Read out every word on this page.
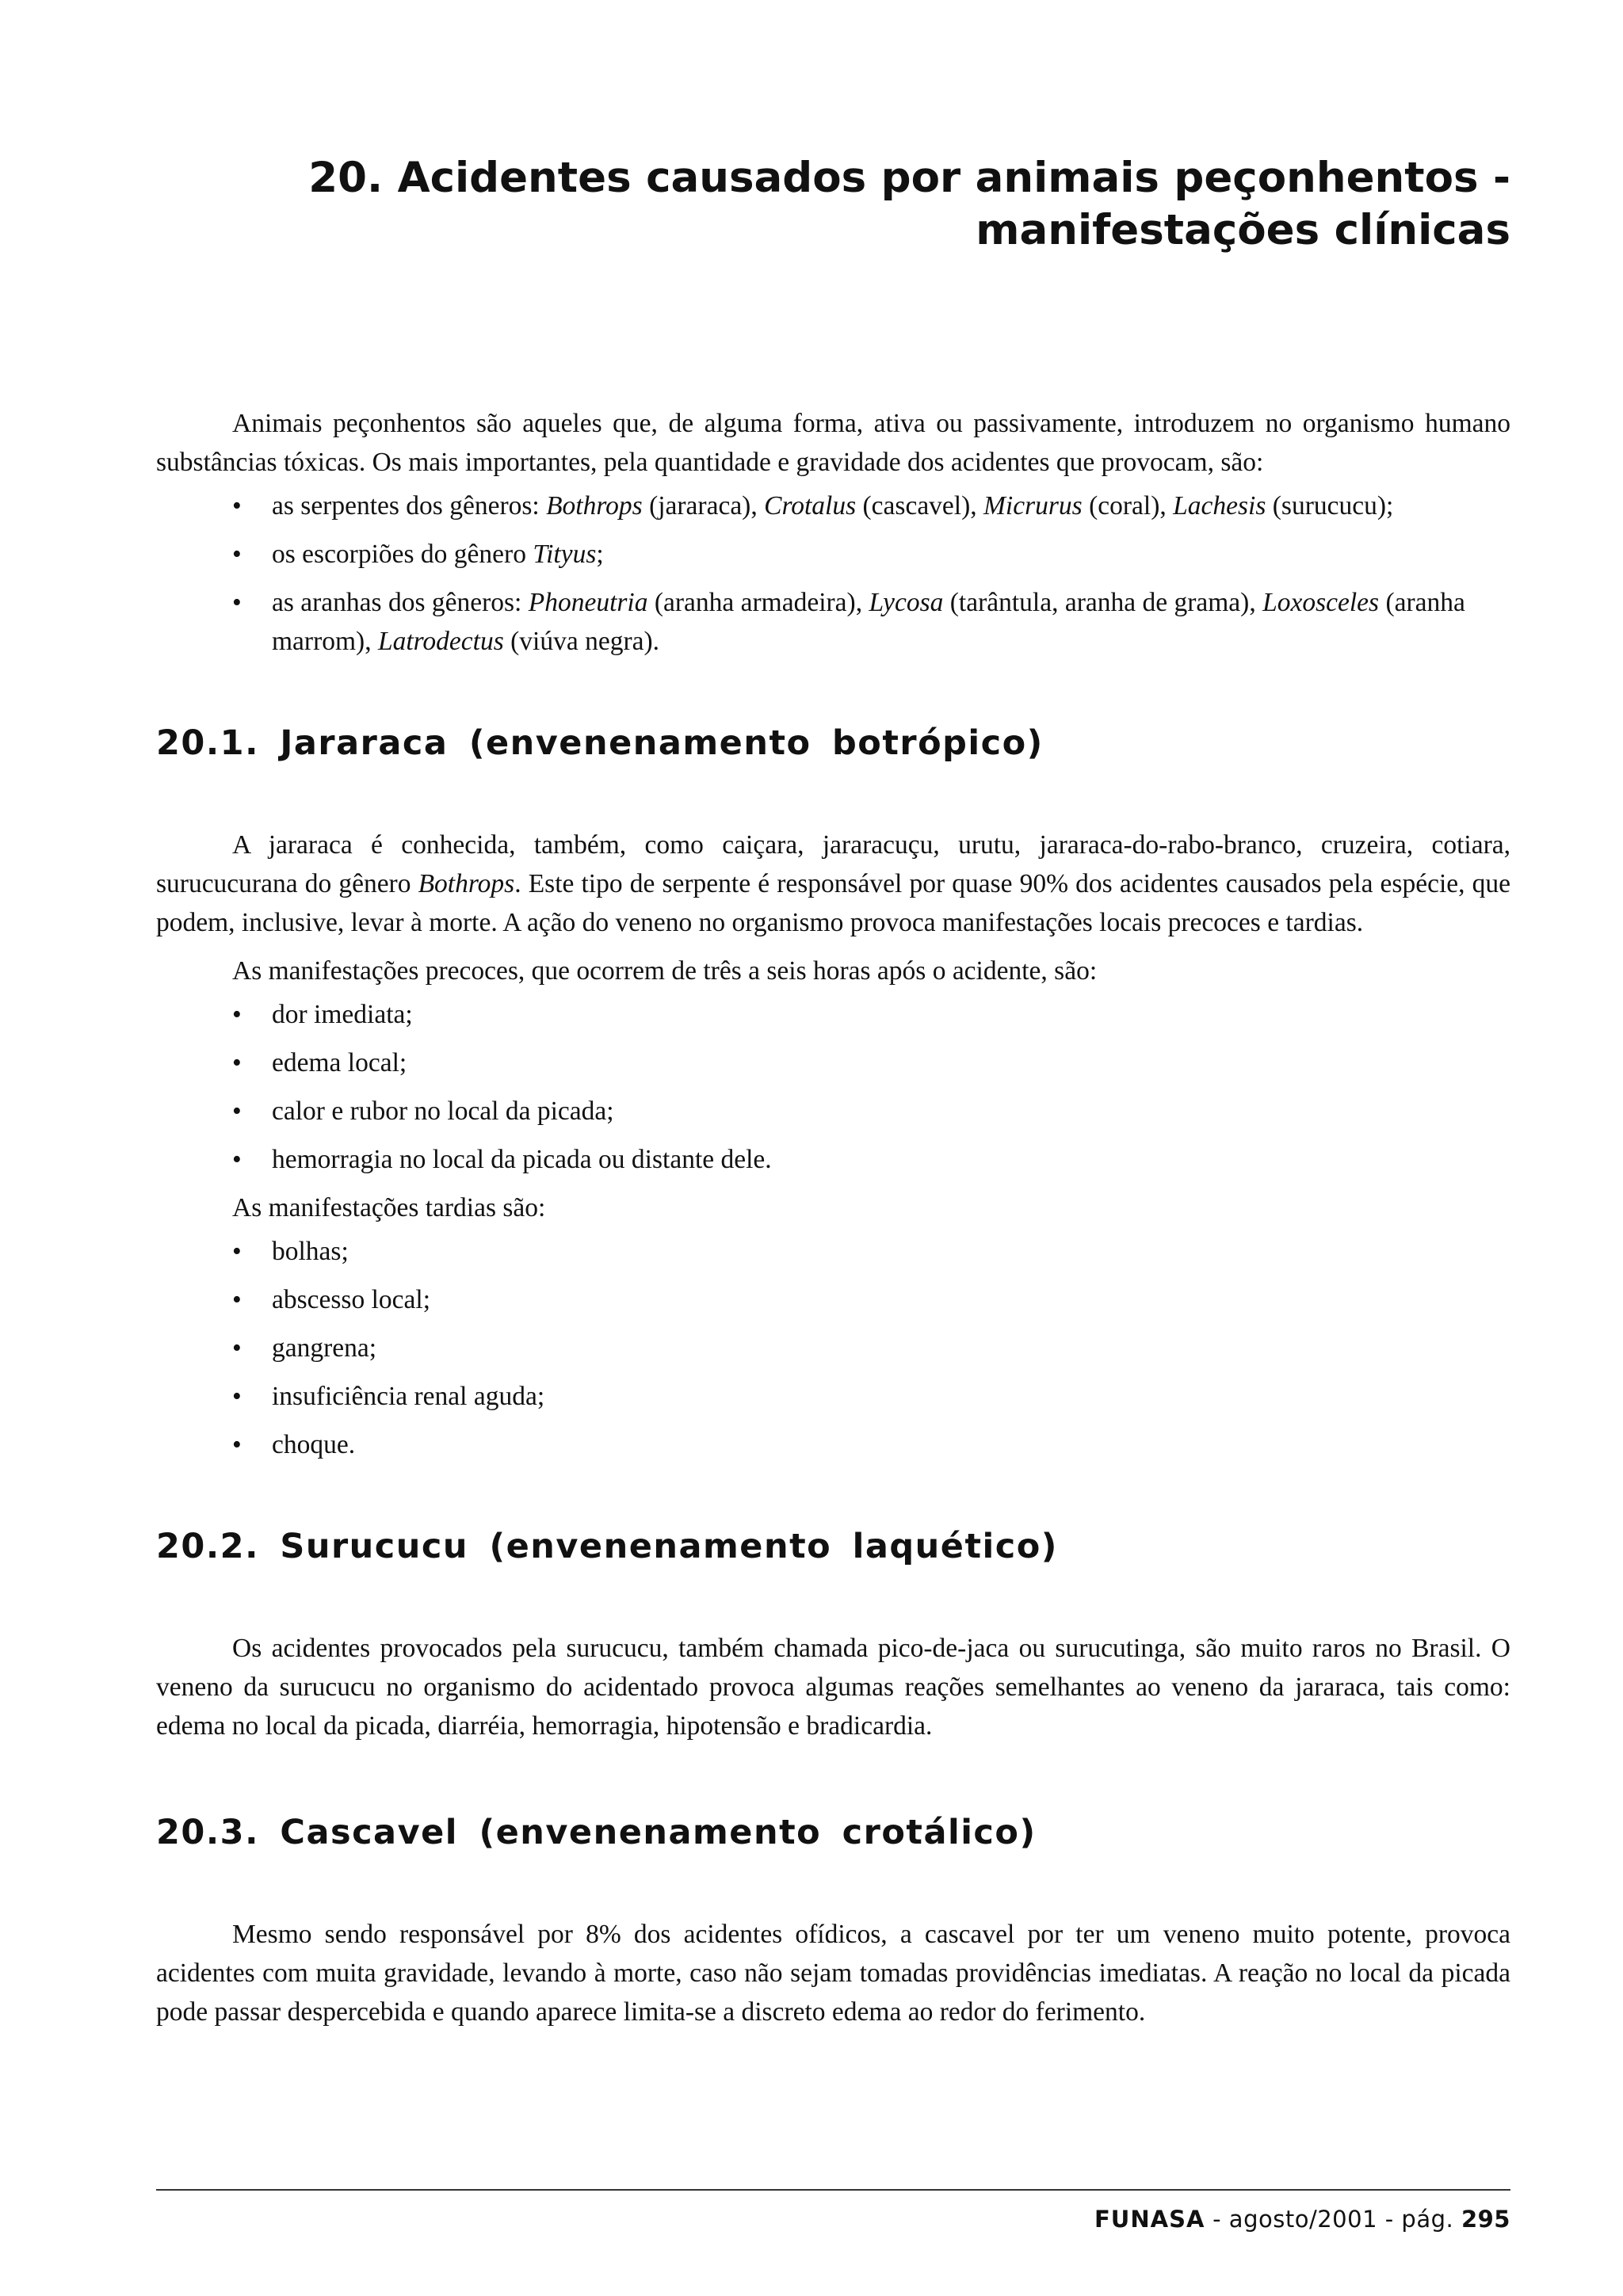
20. Acidentes causados por animais peçonhentos -
manifestações clínicas

Animais peçonhentos são aqueles que, de alguma forma, ativa ou passivamente, introduzem no organismo humano substâncias tóxicas. Os mais importantes, pela quantidade e gravidade dos acidentes que provocam, são:

• as serpentes dos gêneros: Bothrops (jararaca), Crotalus (cascavel), Micrurus (coral), Lachesis (surucucu);
• os escorpiões do gênero Tityus;
• as aranhas dos gêneros: Phoneutria (aranha armadeira), Lycosa (tarântula, aranha de grama), Loxosceles (aranha marrom), Latrodectus (viúva negra).
20.1. Jararaca (envenenamento botrópico)

A jararaca é conhecida, também, como caiçara, jararacuçu, urutu, jararaca-do-rabo-branco, cruzeira, cotiara, surucucurana do gênero Bothrops. Este tipo de serpente é responsável por quase 90% dos acidentes causados pela espécie, que podem, inclusive, levar à morte. A ação do veneno no organismo provoca manifestações locais precoces e tardias.

As manifestações precoces, que ocorrem de três a seis horas após o acidente, são:

• dor imediata;
• edema local;
• calor e rubor no local da picada;
• hemorragia no local da picada ou distante dele.

As manifestações tardias são:

• bolhas;
• abscesso local;
• gangrena;
• insuficiência renal aguda;
• choque.
20.2. Surucucu (envenenamento laquético)

Os acidentes provocados pela surucucu, também chamada pico-de-jaca ou surucutinga, são muito raros no Brasil. O veneno da surucucu no organismo do acidentado provoca algumas reações semelhantes ao veneno da jararaca, tais como: edema no local da picada, diarréia, hemorragia, hipotensão e bradicardia.

20.3. Cascavel (envenenamento crotálico)

Mesmo sendo responsável por 8% dos acidentes ofídicos, a cascavel por ter um veneno muito potente, provoca acidentes com muita gravidade, levando à morte, caso não sejam tomadas providências imediatas. A reação no local da picada pode passar despercebida e quando aparece limita-se a discreto edema ao redor do ferimento.

FUNASA - agosto/2001 - pág. 295
